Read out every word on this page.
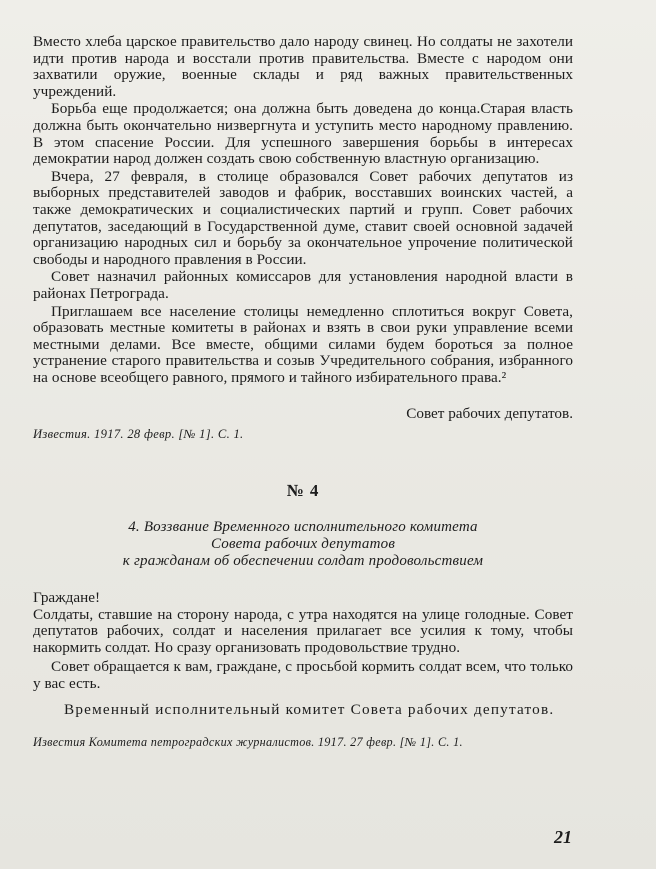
Вместо хлеба царское правительство дало народу свинец. Но солдаты не захотели идти против народа и восстали против правительства. Вместе с народом они захватили оружие, военные склады и ряд важных правительственных учреждений.

Борьба еще продолжается; она должна быть доведена до конца.Старая власть должна быть окончательно низвергнута и уступить место народному правлению. В этом спасение России. Для успешного завершения борьбы в интересах демократии народ должен создать свою собственную властную организацию.

Вчера, 27 февраля, в столице образовался Совет рабочих депутатов из выборных представителей заводов и фабрик, восставших воинских частей, а также демократических и социалистических партий и групп. Совет рабочих депутатов, заседающий в Государственной думе, ставит своей основной задачей организацию народных сил и борьбу за окончательное упрочение политической свободы и народного правления в России.

Совет назначил районных комиссаров для установления народной власти в районах Петрограда.

Приглашаем все население столицы немедленно сплотиться вокруг Совета, образовать местные комитеты в районах и взять в свои руки управление всеми местными делами. Все вместе, общими силами будем бороться за полное устранение старого правительства и созыв Учредительного собрания, избранного на основе всеобщего равного, прямого и тайного избирательного права.²

Совет рабочих депутатов.

Известия. 1917. 28 февр. [№ 1]. С. 1.

№ 4

4. Воззвание Временного исполнительного комитета

Совета рабочих депутатов

к гражданам об обеспечении солдат продовольствием

Граждане!

Солдаты, ставшие на сторону народа, с утра находятся на улице голодные. Совет депутатов рабочих, солдат и населения прилагает все усилия к тому, чтобы накормить солдат. Но сразу организовать продовольствие трудно.

Совет обращается к вам, граждане, с просьбой кормить солдат всем, что только у вас есть.

Временный исполнительный комитет Совета рабочих депутатов.

Известия Комитета петроградских журналистов. 1917. 27 февр. [№ 1]. С. 1.

21
